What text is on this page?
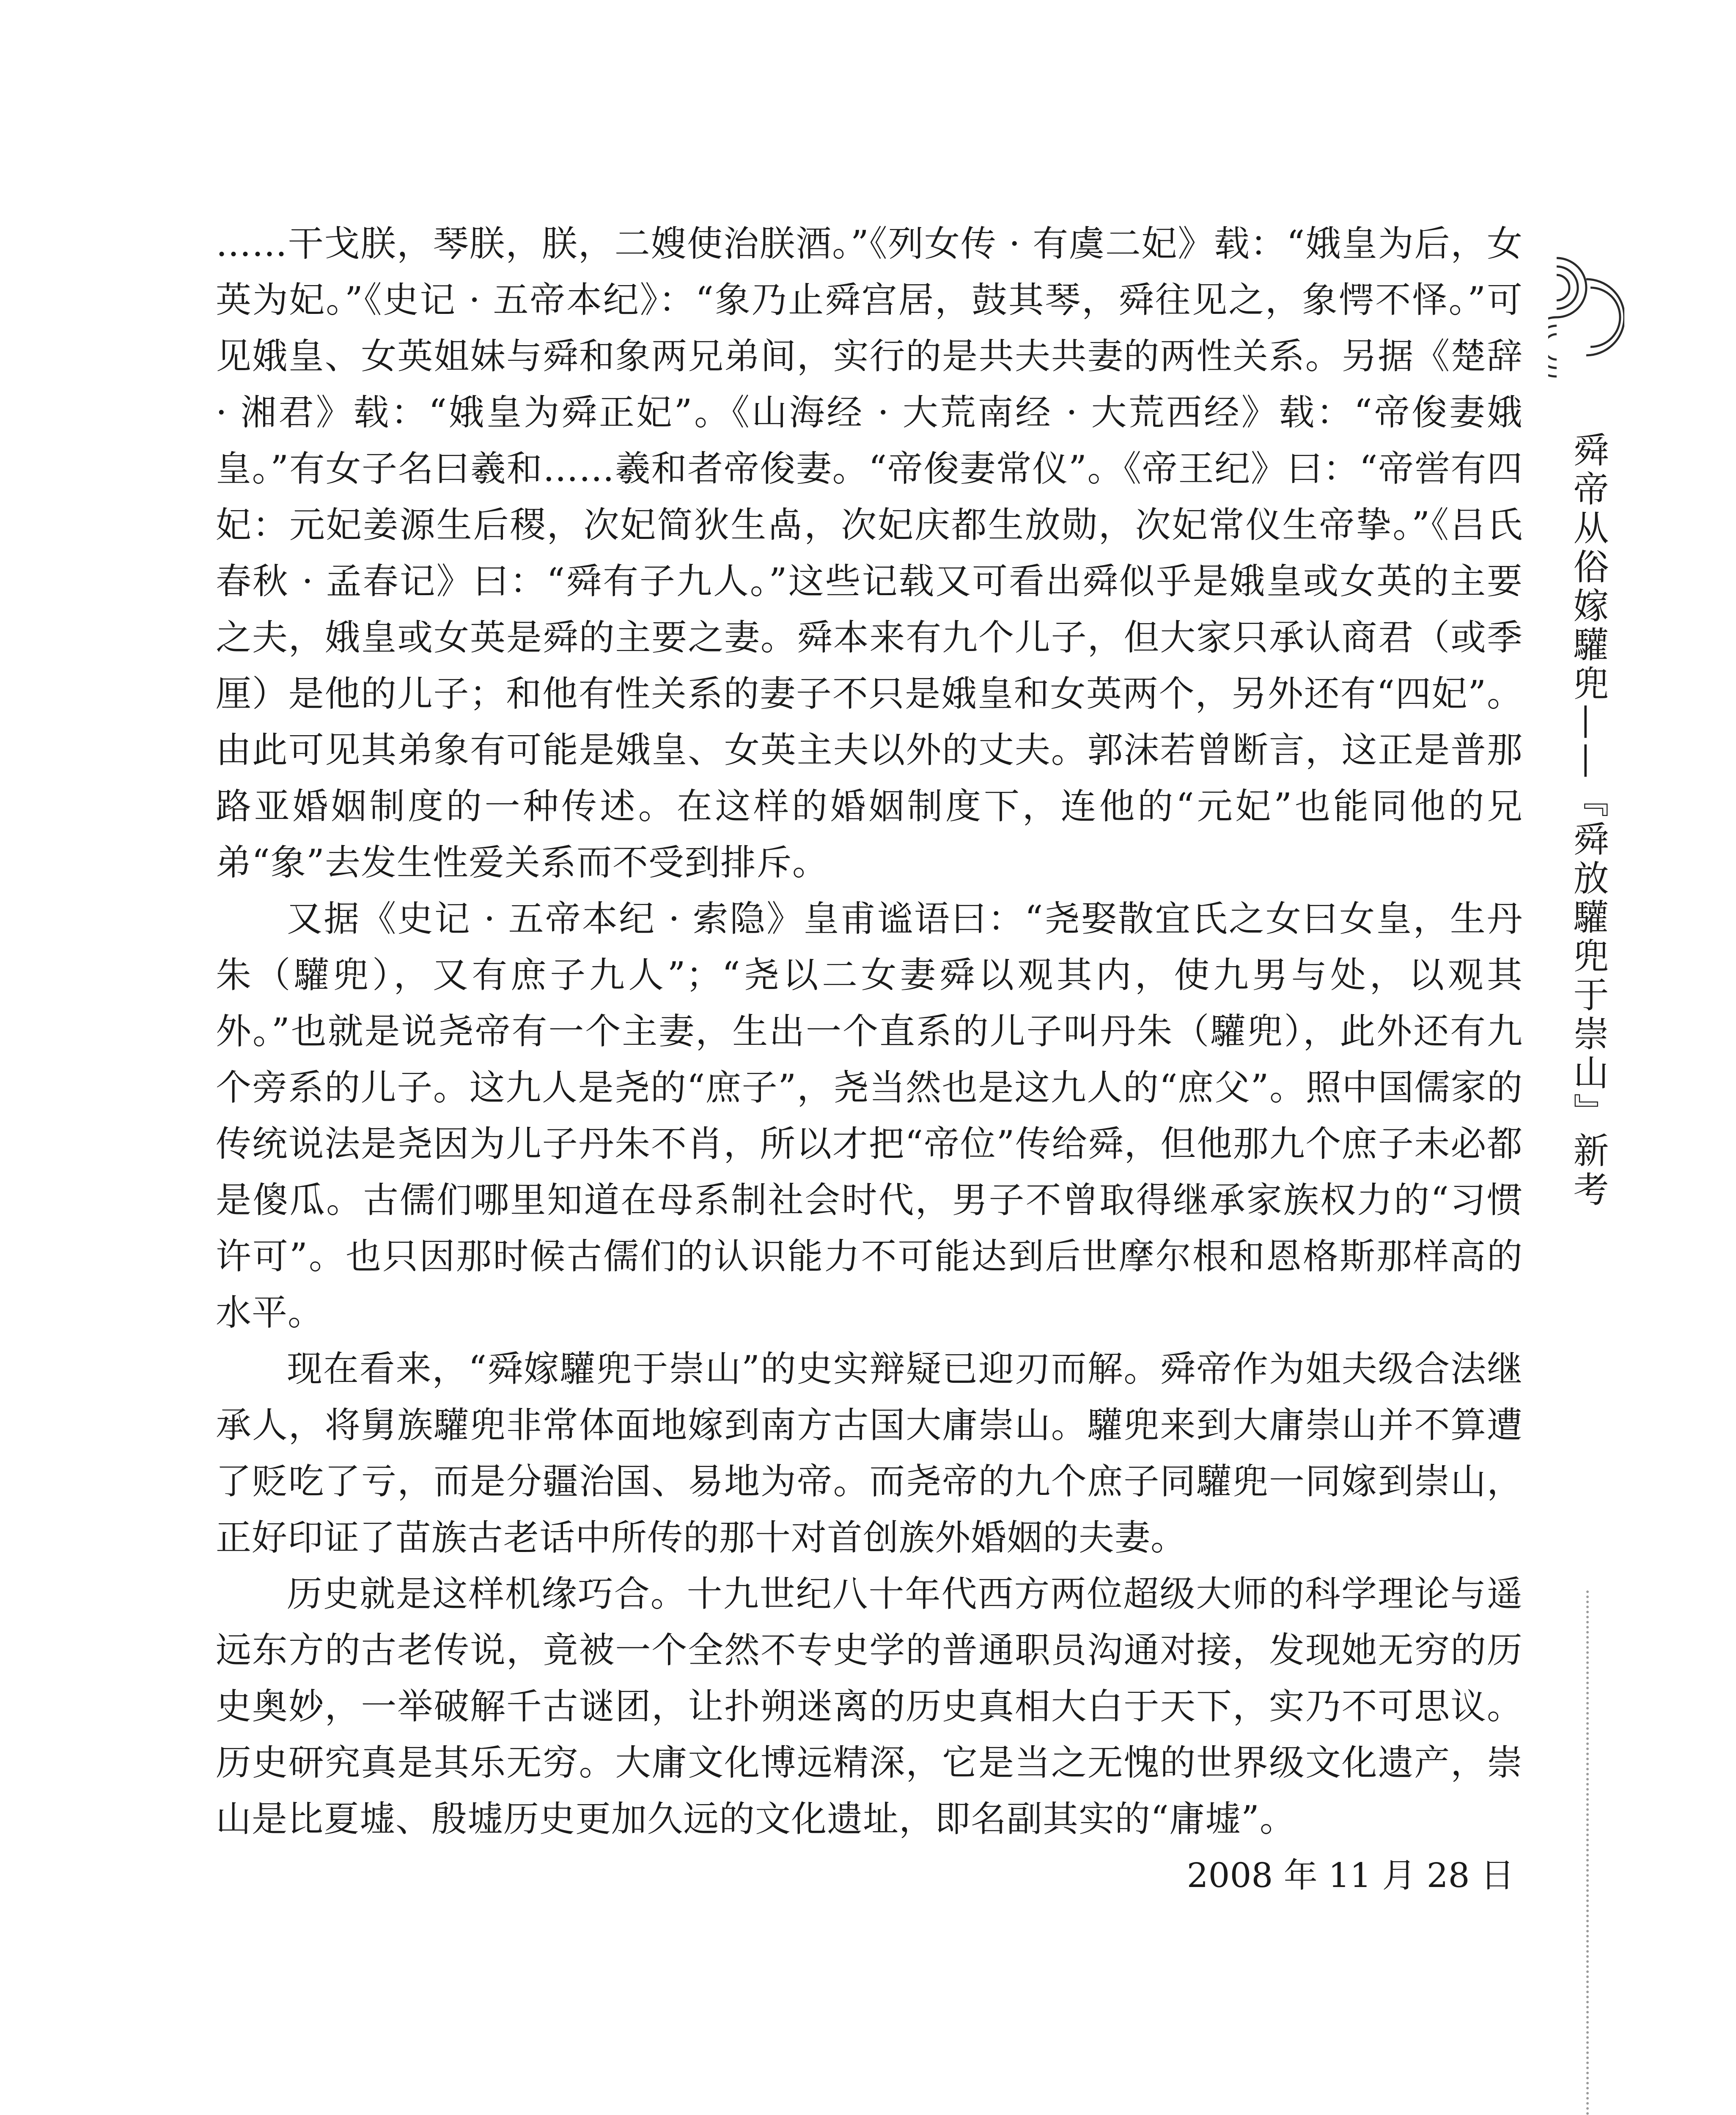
……干戈朕，琴朕，朕，二嫂使治朕酒。”《列女传 · 有虞二妃》载：“娥皇为后，女英为妃。”《史记 · 五帝本纪》：“象乃止舜宫居，鼓其琴，舜往见之，象愕不怿。”可见娥皇、女英姐妹与舜和象两兄弟间，实行的是共夫共妻的两性关系。另据《楚辞 · 湘君》载：“娥皇为舜正妃”。《山海经 · 大荒南经 · 大荒西经》载：“帝俊妻娥皇。”有女子名曰羲和……羲和者帝俊妻。“帝俊妻常仪”。《帝王纪》曰：“帝喾有四妃：元妃姜源生后稷，次妃简狄生卨，次妃庆都生放勋，次妃常仪生帝挚。”《吕氏春秋 · 孟春记》曰：“舜有子九人。”这些记载又可看出舜似乎是娥皇或女英的主要之夫，娥皇或女英是舜的主要之妻。舜本来有九个儿子，但大家只承认商君（或季厘）是他的儿子；和他有性关系的妻子不只是娥皇和女英两个，另外还有“四妃”。由此可见其弟象有可能是娥皇、女英主夫以外的丈夫。郭沫若曾断言，这正是普那路亚婚姻制度的一种传述。在这样的婚姻制度下，连他的“元妃”也能同他的兄弟“象”去发生性爱关系而不受到排斥。

又据《史记 · 五帝本纪 · 索隐》皇甫谧语曰：“尧娶散宜氏之女曰女皇，生丹朱（驩兜），又有庶子九人”；“尧以二女妻舜以观其内，使九男与处，以观其外。”也就是说尧帝有一个主妻，生出一个直系的儿子叫丹朱（驩兜），此外还有九个旁系的儿子。这九人是尧的“庶子”，尧当然也是这九人的“庶父”。照中国儒家的传统说法是尧因为儿子丹朱不肖，所以才把“帝位”传给舜，但他那九个庶子未必都是傻瓜。古儒们哪里知道在母系制社会时代，男子不曾取得继承家族权力的“习惯许可”。也只因那时候古儒们的认识能力不可能达到后世摩尔根和恩格斯那样高的水平。

现在看来，“舜嫁驩兜于崇山”的史实辩疑已迎刃而解。舜帝作为姐夫级合法继承人，将舅族驩兜非常体面地嫁到南方古国大庸崇山。驩兜来到大庸崇山并不算遭了贬吃了亏，而是分疆治国、易地为帝。而尧帝的九个庶子同驩兜一同嫁到崇山，正好印证了苗族古老话中所传的那十对首创族外婚姻的夫妻。

历史就是这样机缘巧合。十九世纪八十年代西方两位超级大师的科学理论与遥远东方的古老传说，竟被一个全然不专史学的普通职员沟通对接，发现她无穷的历史奥妙，一举破解千古谜团，让扑朔迷离的历史真相大白于天下，实乃不可思议。历史研究真是其乐无穷。大庸文化博远精深，它是当之无愧的世界级文化遗产，崇山是比夏墟、殷墟历史更加久远的文化遗址，即名副其实的“庸墟”。

2008 年 11 月 28 日

舜帝从俗嫁驩兜——『舜放驩兜于崇山』新考
